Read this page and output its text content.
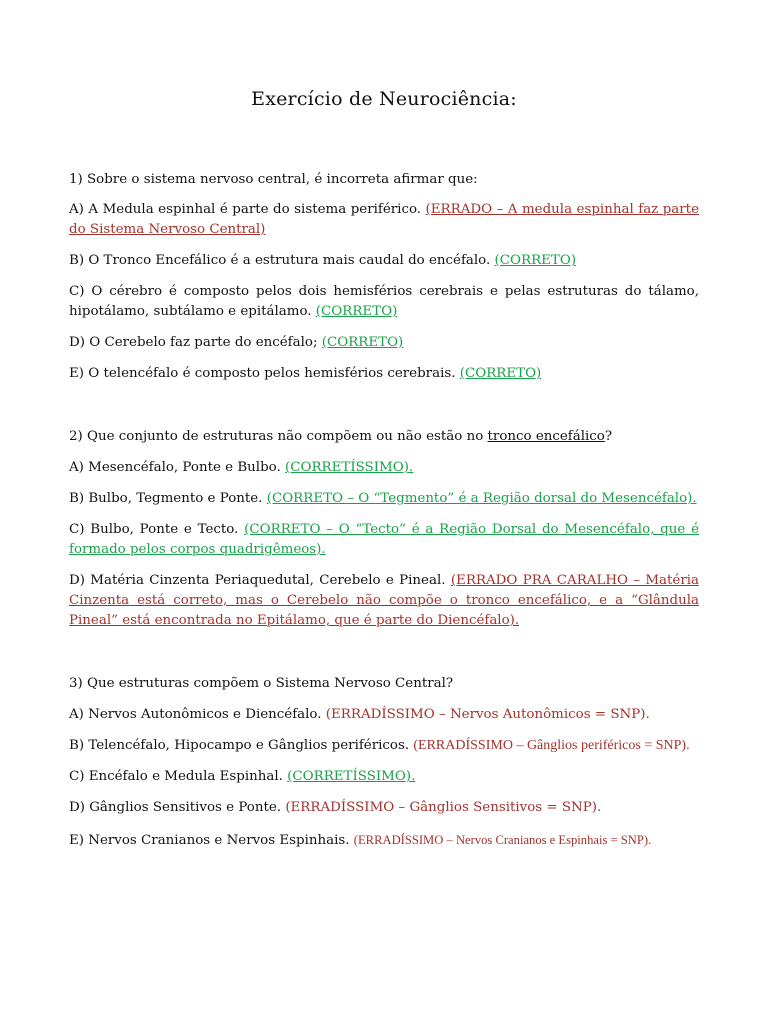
Exercício de Neurociência:
1) Sobre o sistema nervoso central, é incorreta afirmar que:
A) A Medula espinhal é parte do sistema periférico. (ERRADO – A medula espinhal faz parte do Sistema Nervoso Central)
B) O Tronco Encefálico é a estrutura mais caudal do encéfalo. (CORRETO)
C) O cérebro é composto pelos dois hemisférios cerebrais e pelas estruturas do tálamo, hipotálamo, subtálamo e epitálamo. (CORRETO)
D) O Cerebelo faz parte do encéfalo; (CORRETO)
E) O telencéfalo é composto pelos hemisférios cerebrais. (CORRETO)
2) Que conjunto de estruturas não compõem ou não estão no tronco encefálico?
A) Mesencéfalo, Ponte e Bulbo. (CORRETÍSSIMO).
B) Bulbo, Tegmento e Ponte. (CORRETO – O “Tegmento” é a Região dorsal do Mesencéfalo).
C) Bulbo, Ponte e Tecto. (CORRETO – O “Tecto” é a Região Dorsal do Mesencéfalo, que é formado pelos corpos quadrigêmeos).
D) Matéria Cinzenta Periaquedutal, Cerebelo e Pineal. (ERRADO PRA CARALHO – Matéria Cinzenta está correto, mas o Cerebelo não compõe o tronco encefálico, e a “Glândula Pineal” está encontrada no Epitálamo, que é parte do Diencéfalo).
3) Que estruturas compõem o Sistema Nervoso Central?
A) Nervos Autonômicos e Diencéfalo. (ERRADÍSSIMO – Nervos Autonômicos = SNP).
B) Telencéfalo, Hipocampo e Gânglios periféricos. (ERRADÍSSIMO – Gânglios periféricos = SNP).
C) Encéfalo e Medula Espinhal. (CORRETÍSSIMO).
D) Gânglios Sensitivos e Ponte. (ERRADÍSSIMO – Gânglios Sensitivos = SNP).
E) Nervos Cranianos e Nervos Espinhais. (ERRADÍSSIMO – Nervos Cranianos e Espinhais = SNP).
